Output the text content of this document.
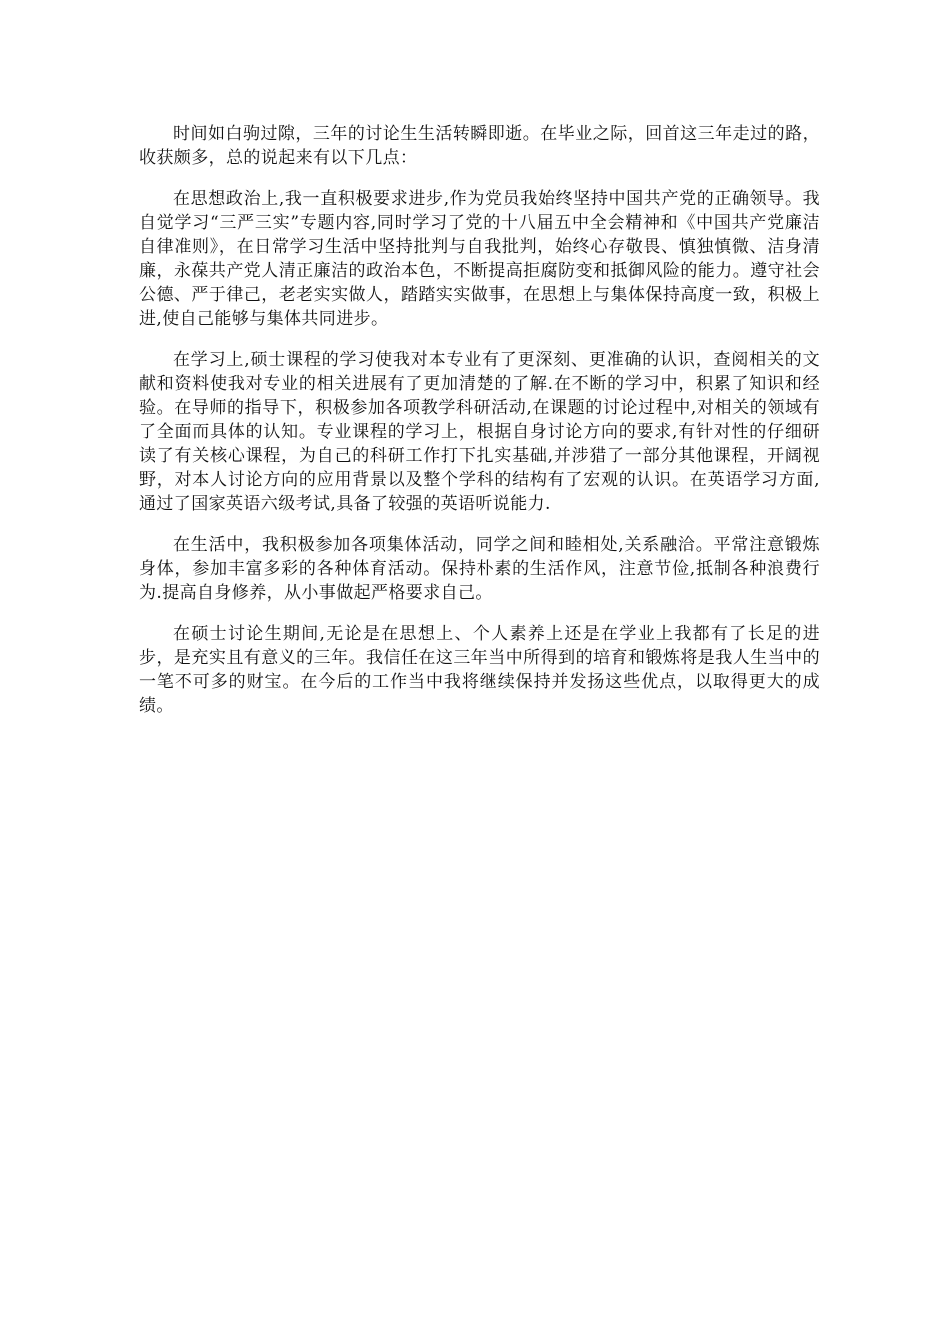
时间如白驹过隙，三年的讨论生生活转瞬即逝。在毕业之际，回首这三年走过的路，收获颇多，总的说起来有以下几点：

在思想政治上,我一直积极要求进步,作为党员我始终坚持中国共产党的正确领导。我自觉学习“三严三实”专题内容,同时学习了党的十八届五中全会精神和《中国共产党廉洁自律准则》，在日常学习生活中坚持批判与自我批判，始终心存敬畏、慎独慎微、洁身清廉，永葆共产党人清正廉洁的政治本色，不断提高拒腐防变和抵御风险的能力。遵守社会公德、严于律己，老老实实做人，踏踏实实做事，在思想上与集体保持高度一致，积极上进,使自己能够与集体共同进步。

在学习上,硕士课程的学习使我对本专业有了更深刻、更准确的认识，查阅相关的文献和资料使我对专业的相关进展有了更加清楚的了解.在不断的学习中，积累了知识和经验。在导师的指导下，积极参加各项教学科研活动,在课题的讨论过程中,对相关的领域有了全面而具体的认知。专业课程的学习上，根据自身讨论方向的要求,有针对性的仔细研读了有关核心课程，为自己的科研工作打下扎实基础,并涉猎了一部分其他课程，开阔视野，对本人讨论方向的应用背景以及整个学科的结构有了宏观的认识。在英语学习方面,通过了国家英语六级考试,具备了较强的英语听说能力.

在生活中，我积极参加各项集体活动，同学之间和睦相处,关系融洽。平常注意锻炼身体，参加丰富多彩的各种体育活动。保持朴素的生活作风，注意节俭,抵制各种浪费行为.提高自身修养，从小事做起严格要求自己。

在硕士讨论生期间,无论是在思想上、个人素养上还是在学业上我都有了长足的进步，是充实且有意义的三年。我信任在这三年当中所得到的培育和锻炼将是我人生当中的一笔不可多的财宝。在今后的工作当中我将继续保持并发扬这些优点，以取得更大的成绩。
